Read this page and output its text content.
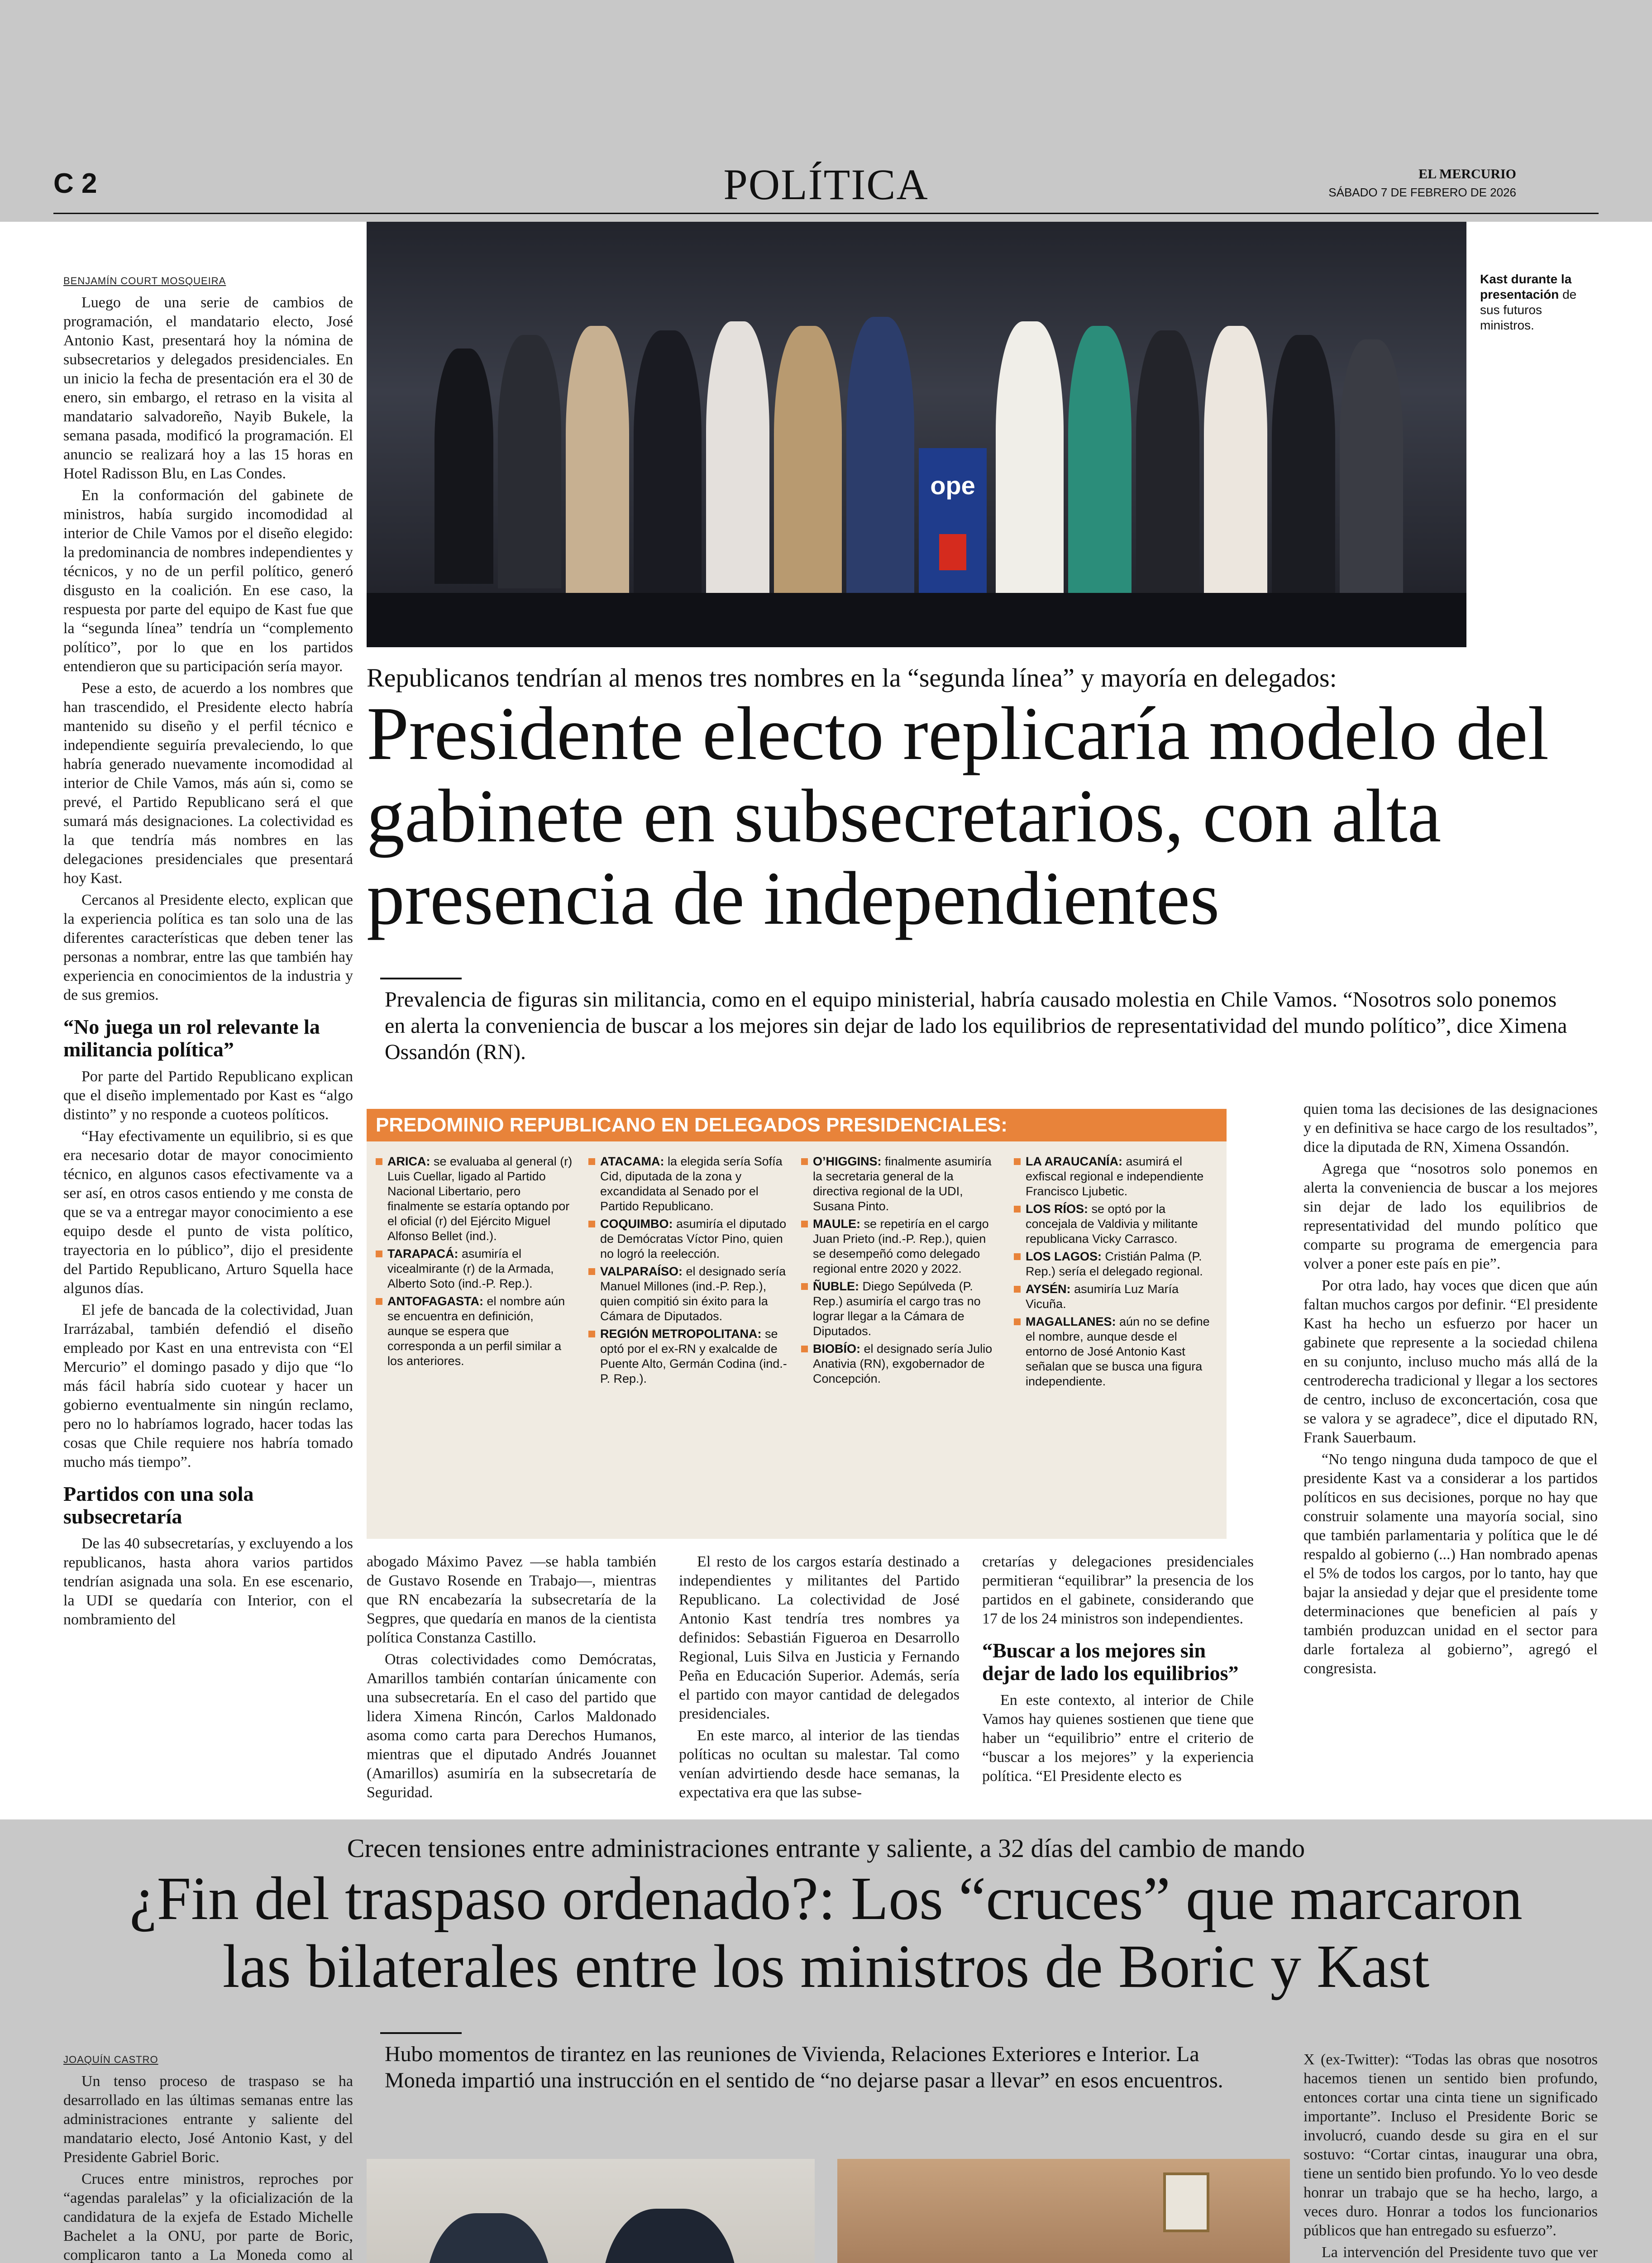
C 2	POLÍTICA	EL MERCURIO
SÁBADO 7 DE FEBRERO DE 2026

BENJAMÍN COURT MOSQUEIRA

Luego de una serie de cambios de programación, el mandatario electo, José Antonio Kast, presentará hoy la nómina de subsecretarios y delegados presidenciales. En un inicio la fecha de presentación era el 30 de enero, sin embargo, el retraso en la visita al mandatario salvadoreño, Nayib Bukele, la semana pasada, modificó la programación. El anuncio se realizará hoy a las 15 horas en Hotel Radisson Blu, en Las Condes.

En la conformación del gabinete de ministros, había surgido incomodidad al interior de Chile Vamos por el diseño elegido: la predominancia de nombres independientes y técnicos, y no de un perfil político, generó disgusto en la coalición. En ese caso, la respuesta por parte del equipo de Kast fue que la “segunda línea” tendría un “complemento político”, por lo que en los partidos entendieron que su participación sería mayor.

Pese a esto, de acuerdo a los nombres que han trascendido, el Presidente electo habría mantenido su diseño y el perfil técnico e independiente seguiría prevaleciendo, lo que habría generado nuevamente incomodidad al interior de Chile Vamos, más aún si, como se prevé, el Partido Republicano será el que sumará más designaciones. La colectividad es la que tendría más nombres en las delegaciones presidenciales que presentará hoy Kast.

Cercanos al Presidente electo, explican que la experiencia política es tan solo una de las diferentes características que deben tener las personas a nombrar, entre las que también hay experiencia en conocimientos de la industria y de sus gremios.

“No juega un rol relevante la militancia política”

Por parte del Partido Republicano explican que el diseño implementado por Kast es “algo distinto” y no responde a cuoteos políticos.

“Hay efectivamente un equilibrio, si es que era necesario dotar de mayor conocimiento técnico, en algunos casos efectivamente va a ser así, en otros casos entiendo y me consta de que se va a entregar mayor conocimiento a ese equipo desde el punto de vista político, trayectoria en lo público”, dijo el presidente del Partido Republicano, Arturo Squella hace algunos días.

El jefe de bancada de la colectividad, Juan Irarrázabal, también defendió el diseño empleado por Kast en una entrevista con “El Mercurio” el domingo pasado y dijo que “lo más fácil habría sido cuotear y hacer un gobierno eventualmente sin ningún reclamo, pero no lo habríamos logrado, hacer todas las cosas que Chile requiere nos habría tomado mucho más tiempo”.

Partidos con una sola subsecretaría

De las 40 subsecretarías, y excluyendo a los republicanos, hasta ahora varios partidos tendrían asignada una sola. En ese escenario, la UDI se quedaría con Interior, con el nombramiento del

ope
Kast durante la presentación de sus futuros ministros.
Republicanos tendrían al menos tres nombres en la “segunda línea” y mayoría en delegados:
Presidente electo replicaría modelo del gabinete en subsecretarios, con alta presencia de independientes
Prevalencia de figuras sin militancia, como en el equipo ministerial, habría causado molestia en Chile Vamos. “Nosotros solo ponemos en alerta la conveniencia de buscar a los mejores sin dejar de lado los equilibrios de representatividad del mundo político”, dice Ximena Ossandón (RN).
PREDOMINIO REPUBLICANO EN DELEGADOS PRESIDENCIALES:
ARICA: se evaluaba al general (r) Luis Cuellar, ligado al Partido Nacional Libertario, pero finalmente se estaría optando por el oficial (r) del Ejército Miguel Alfonso Bellet (ind.).
TARAPACÁ: asumiría el vicealmirante (r) de la Armada, Alberto Soto (ind.-P. Rep.).
ANTOFAGASTA: el nombre aún se encuentra en definición, aunque se espera que corresponda a un perfil similar a los anteriores.
ATACAMA: la elegida sería Sofía Cid, diputada de la zona y excandidata al Senado por el Partido Republicano.
COQUIMBO: asumiría el diputado de Demócratas Víctor Pino, quien no logró la reelección.
VALPARAÍSO: el designado sería Manuel Millones (ind.-P. Rep.), quien compitió sin éxito para la Cámara de Diputados.
REGIÓN METROPOLITANA: se optó por el ex-RN y exalcalde de Puente Alto, Germán Codina (ind.-P. Rep.).
O’HIGGINS: finalmente asumiría la secretaria general de la directiva regional de la UDI, Susana Pinto.
MAULE: se repetiría en el cargo Juan Prieto (ind.-P. Rep.), quien se desempeñó como delegado regional entre 2020 y 2022.
ÑUBLE: Diego Sepúlveda (P. Rep.) asumiría el cargo tras no lograr llegar a la Cámara de Diputados.
BIOBÍO: el designado sería Julio Anativia (RN), exgobernador de Concepción.
LA ARAUCANÍA: asumirá el exfiscal regional e independiente Francisco Ljubetic.
LOS RÍOS: se optó por la concejala de Valdivia y militante republicana Vicky Carrasco.
LOS LAGOS: Cristián Palma (P. Rep.) sería el delegado regional.
AYSÉN: asumiría Luz María Vicuña.
MAGALLANES: aún no se define el nombre, aunque desde el entorno de José Antonio Kast señalan que se busca una figura independiente.

abogado Máximo Pavez —se habla también de Gustavo Rosende en Trabajo—, mientras que RN encabezaría la subsecretaría de la Segpres, que quedaría en manos de la cientista política Constanza Castillo.

Otras colectividades como Demócratas, Amarillos también contarían únicamente con una subsecretaría. En el caso del partido que lidera Ximena Rincón, Carlos Maldonado asoma como carta para Derechos Humanos, mientras que el diputado Andrés Jouannet (Amarillos) asumiría en la subsecretaría de Seguridad.

El resto de los cargos estaría destinado a independientes y militantes del Partido Republicano. La colectividad de José Antonio Kast tendría tres nombres ya definidos: Sebastián Figueroa en Desarrollo Regional, Luis Silva en Justicia y Fernando Peña en Educación Superior. Además, sería el partido con mayor cantidad de delegados presidenciales.

En este marco, al interior de las tiendas políticas no ocultan su malestar. Tal como venían advirtiendo desde hace semanas, la expectativa era que las subse-

cretarías y delegaciones presidenciales permitieran “equilibrar” la presencia de los partidos en el gabinete, considerando que 17 de los 24 ministros son independientes.

“Buscar a los mejores sin dejar de lado los equilibrios”

En este contexto, al interior de Chile Vamos hay quienes sostienen que tiene que haber un “equilibrio” entre el criterio de “buscar a los mejores” y la experiencia política. “El Presidente electo es

quien toma las decisiones de las designaciones y en definitiva se hace cargo de los resultados”, dice la diputada de RN, Ximena Ossandón.

Agrega que “nosotros solo ponemos en alerta la conveniencia de buscar a los mejores sin dejar de lado los equilibrios de representatividad del mundo político que comparte su programa de emergencia para volver a poner este país en pie”.

Por otra lado, hay voces que dicen que aún faltan muchos cargos por definir. “El presidente Kast ha hecho un esfuerzo por hacer un gabinete que represente a la sociedad chilena en su conjunto, incluso mucho más allá de la centroderecha tradicional y llegar a los sectores de centro, incluso de exconcertación, cosa que se valora y se agradece”, dice el diputado RN, Frank Sauerbaum.

“No tengo ninguna duda tampoco de que el presidente Kast va a considerar a los partidos políticos en sus decisiones, porque no hay que construir solamente una mayoría social, sino que también parlamentaria y política que le dé respaldo al gobierno (...) Han nombrado apenas el 5% de todos los cargos, por lo tanto, hay que bajar la ansiedad y dejar que el presidente tome determinaciones que beneficien al país y también produzcan unidad en el sector para darle fortaleza al gobierno”, agregó el congresista.

Crecen tensiones entre administraciones entrante y saliente, a 32 días del cambio de mando
¿Fin del traspaso ordenado?: Los “cruces” que marcaron
las bilaterales entre los ministros de Boric y Kast

JOAQUÍN CASTRO

Un tenso proceso de traspaso se ha desarrollado en las últimas semanas entre las administraciones entrante y saliente del mandatario electo, José Antonio Kast, y del Presidente Gabriel Boric.

Cruces entre ministros, reproches por “agendas paralelas” y la oficialización de la candidatura de la exjefa de Estado Michelle Bachelet a la ONU, por parte de Boric, complicaron tanto a La Moneda como al

Hubo momentos de tirantez en las reuniones de Vivienda, Relaciones Exteriores e Interior. La Moneda impartió una instrucción en el sentido de “no dejarse pasar a llevar” en esos encuentros.

X (ex-Twitter): “Todas las obras que nosotros hacemos tienen un sentido bien profundo, entonces cortar una cinta tiene un significado importante”. Incluso el Presidente Boric se involucró, cuando desde su gira en el sur sostuvo: “Cortar cintas, inaugurar una obra, tiene un sentido bien profundo. Yo lo veo desde honrar un trabajo que se ha hecho, largo, a veces duro. Honrar a todos los funcionarios públicos que han entregado su esfuerzo”.

La intervención del Presidente tuvo que ver
